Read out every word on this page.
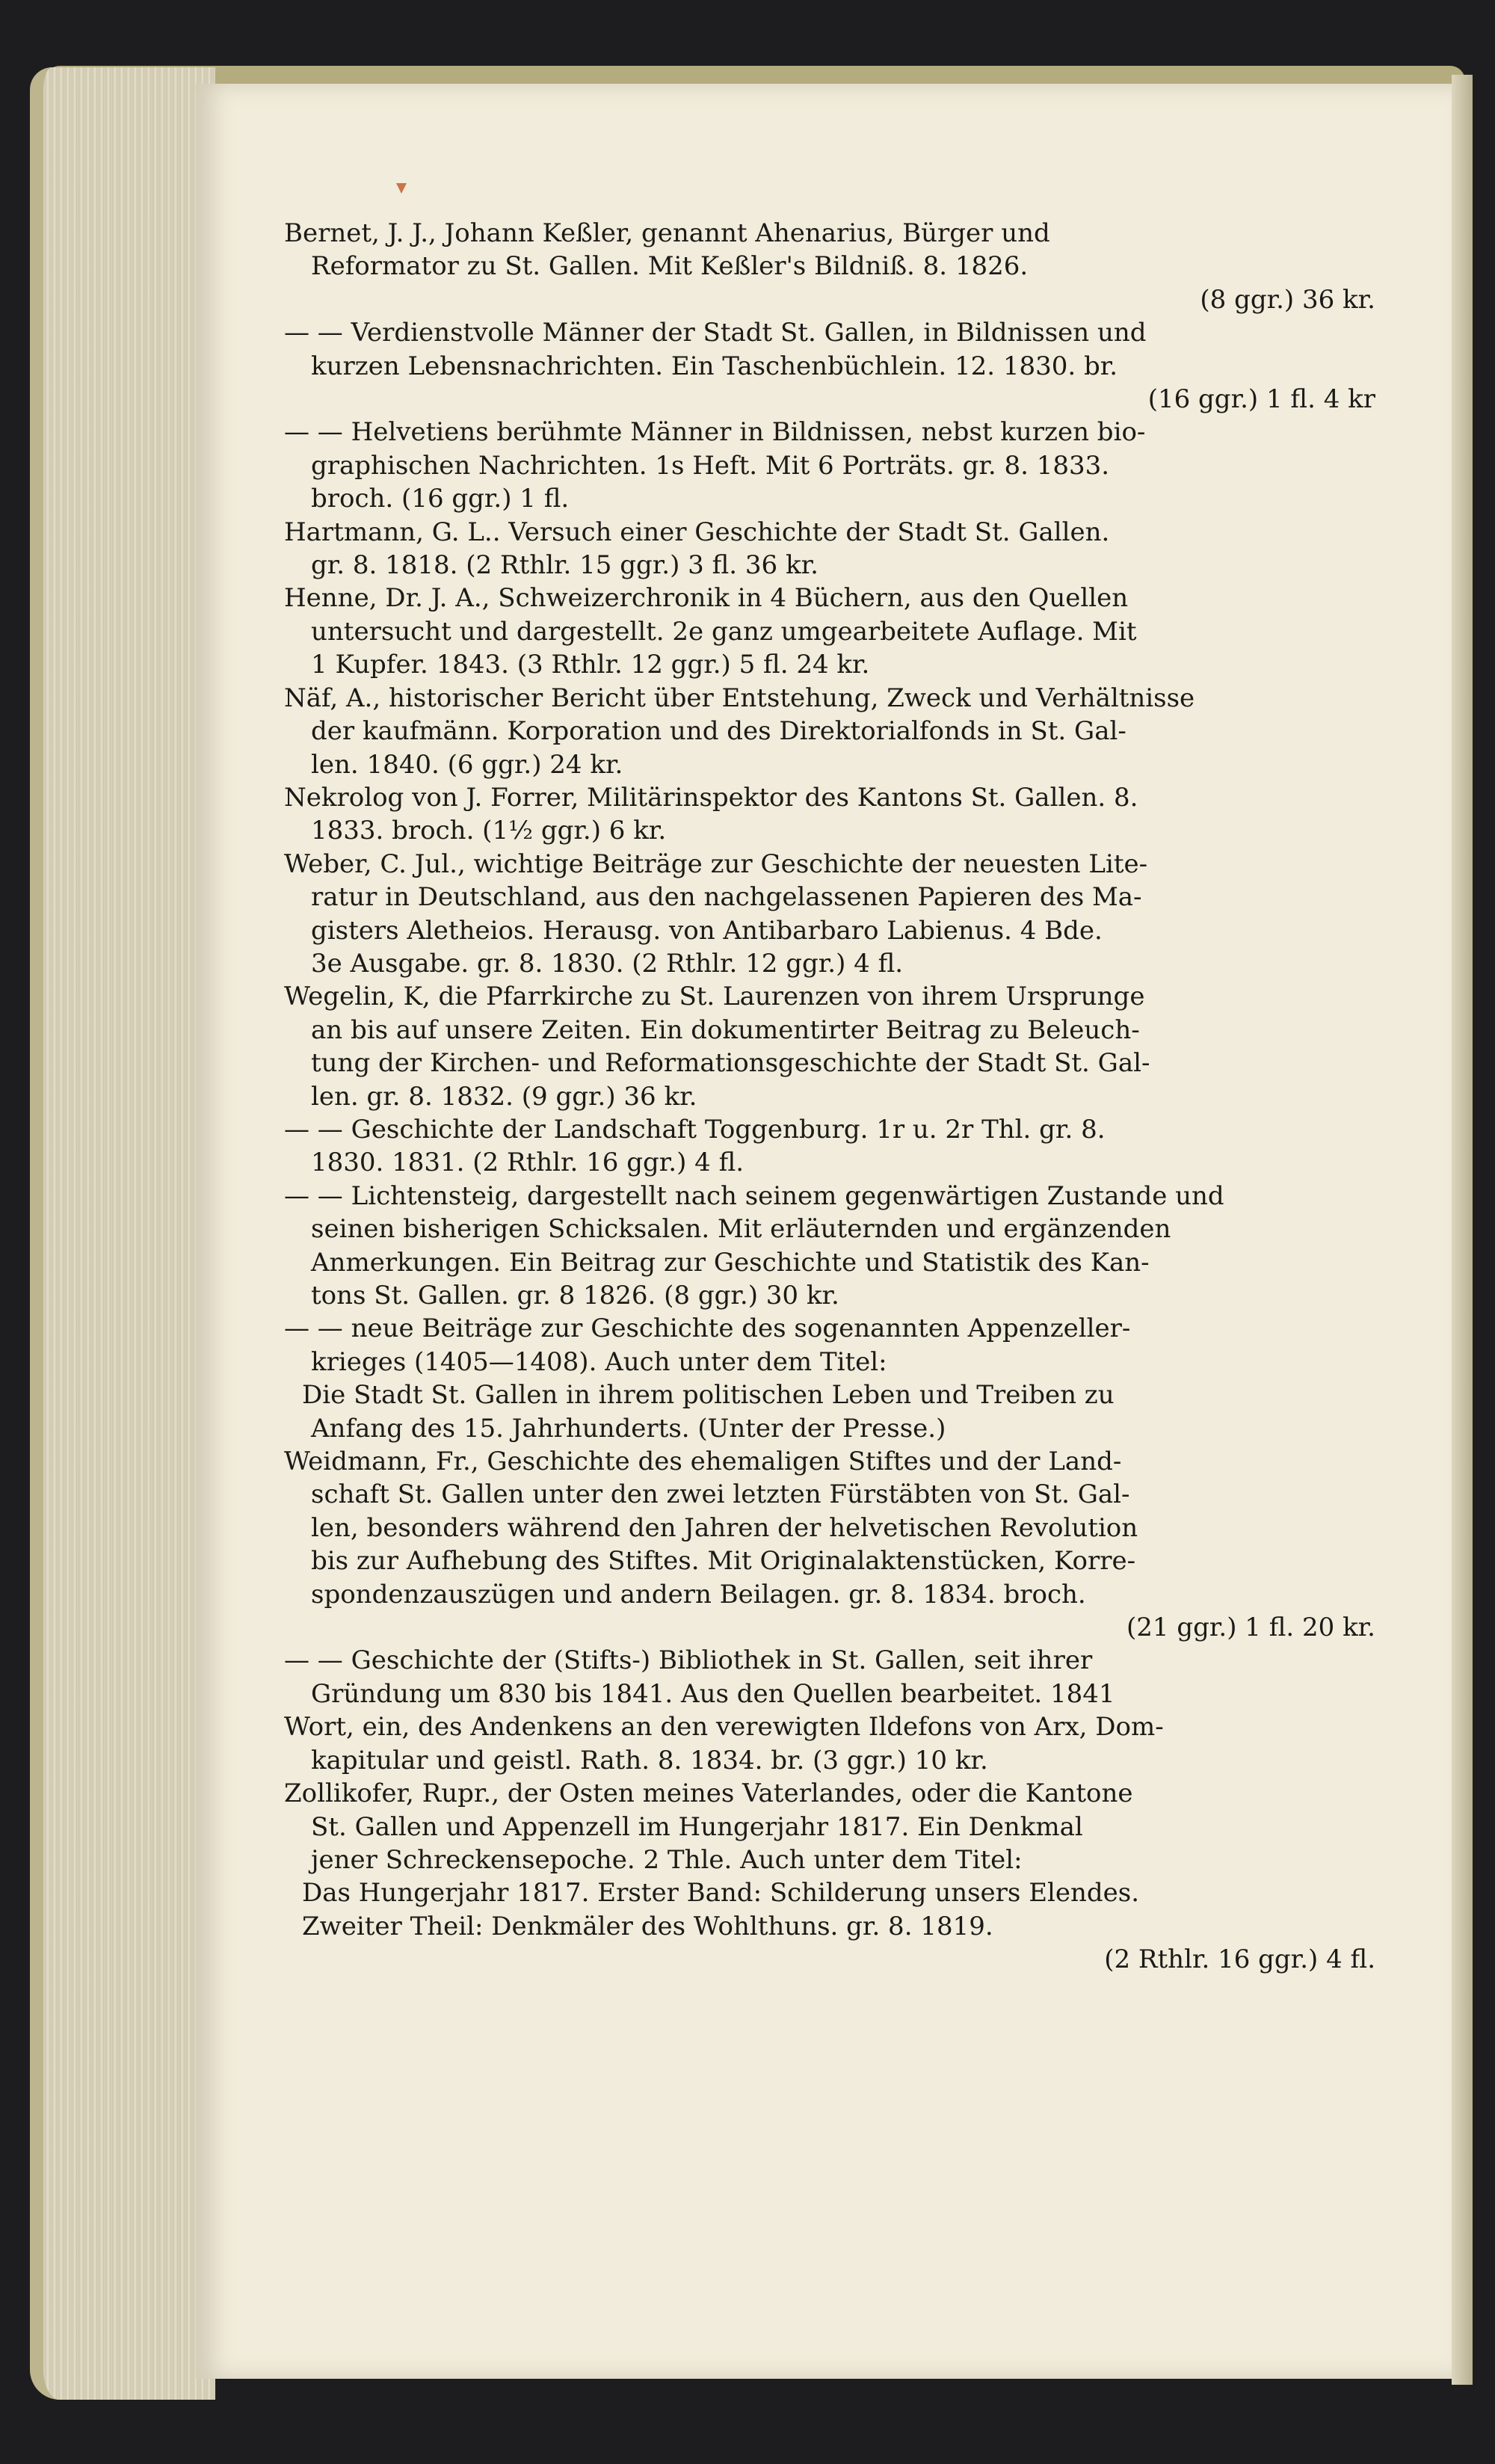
Bernet, J. J., Johann Keßler, genannt Ahenarius, Bürger und
Reformator zu St. Gallen. Mit Keßler's Bildniß. 8. 1826.
(8 ggr.) 36 kr.
— — Verdienstvolle Männer der Stadt St. Gallen, in Bildnissen und
kurzen Lebensnachrichten. Ein Taschenbüchlein. 12. 1830. br.
(16 ggr.) 1 fl. 4 kr
— — Helvetiens berühmte Männer in Bildnissen, nebst kurzen bio-
graphischen Nachrichten. 1s Heft. Mit 6 Porträts. gr. 8. 1833.
broch. (16 ggr.) 1 fl.
Hartmann, G. L.. Versuch einer Geschichte der Stadt St. Gallen.
gr. 8. 1818. (2 Rthlr. 15 ggr.) 3 fl. 36 kr.
Henne, Dr. J. A., Schweizerchronik in 4 Büchern, aus den Quellen
untersucht und dargestellt. 2e ganz umgearbeitete Auflage. Mit
1 Kupfer. 1843. (3 Rthlr. 12 ggr.) 5 fl. 24 kr.
Näf, A., historischer Bericht über Entstehung, Zweck und Verhältnisse
der kaufmänn. Korporation und des Direktorialfonds in St. Gal-
len. 1840. (6 ggr.) 24 kr.
Nekrolog von J. Forrer, Militärinspektor des Kantons St. Gallen. 8.
1833. broch. (1½ ggr.) 6 kr.
Weber, C. Jul., wichtige Beiträge zur Geschichte der neuesten Lite-
ratur in Deutschland, aus den nachgelassenen Papieren des Ma-
gisters Aletheios. Herausg. von Antibarbaro Labienus. 4 Bde.
3e Ausgabe. gr. 8. 1830. (2 Rthlr. 12 ggr.) 4 fl.
Wegelin, K, die Pfarrkirche zu St. Laurenzen von ihrem Ursprunge
an bis auf unsere Zeiten. Ein dokumentirter Beitrag zu Beleuch-
tung der Kirchen- und Reformationsgeschichte der Stadt St. Gal-
len. gr. 8. 1832. (9 ggr.) 36 kr.
— — Geschichte der Landschaft Toggenburg. 1r u. 2r Thl. gr. 8.
1830. 1831. (2 Rthlr. 16 ggr.) 4 fl.
— — Lichtensteig, dargestellt nach seinem gegenwärtigen Zustande und
seinen bisherigen Schicksalen. Mit erläuternden und ergänzenden
Anmerkungen. Ein Beitrag zur Geschichte und Statistik des Kan-
tons St. Gallen. gr. 8 1826. (8 ggr.) 30 kr.
— — neue Beiträge zur Geschichte des sogenannten Appenzeller-
krieges (1405—1408). Auch unter dem Titel:
Die Stadt St. Gallen in ihrem politischen Leben und Treiben zu
Anfang des 15. Jahrhunderts. (Unter der Presse.)
Weidmann, Fr., Geschichte des ehemaligen Stiftes und der Land-
schaft St. Gallen unter den zwei letzten Fürstäbten von St. Gal-
len, besonders während den Jahren der helvetischen Revolution
bis zur Aufhebung des Stiftes. Mit Originalaktenstücken, Korre-
spondenzauszügen und andern Beilagen. gr. 8. 1834. broch.
(21 ggr.) 1 fl. 20 kr.
— — Geschichte der (Stifts-) Bibliothek in St. Gallen, seit ihrer
Gründung um 830 bis 1841. Aus den Quellen bearbeitet. 1841
Wort, ein, des Andenkens an den verewigten Ildefons von Arx, Dom-
kapitular und geistl. Rath. 8. 1834. br. (3 ggr.) 10 kr.
Zollikofer, Rupr., der Osten meines Vaterlandes, oder die Kantone
St. Gallen und Appenzell im Hungerjahr 1817. Ein Denkmal
jener Schreckensepoche. 2 Thle. Auch unter dem Titel:
Das Hungerjahr 1817. Erster Band: Schilderung unsers Elendes.
Zweiter Theil: Denkmäler des Wohlthuns. gr. 8. 1819.
(2 Rthlr. 16 ggr.) 4 fl.
